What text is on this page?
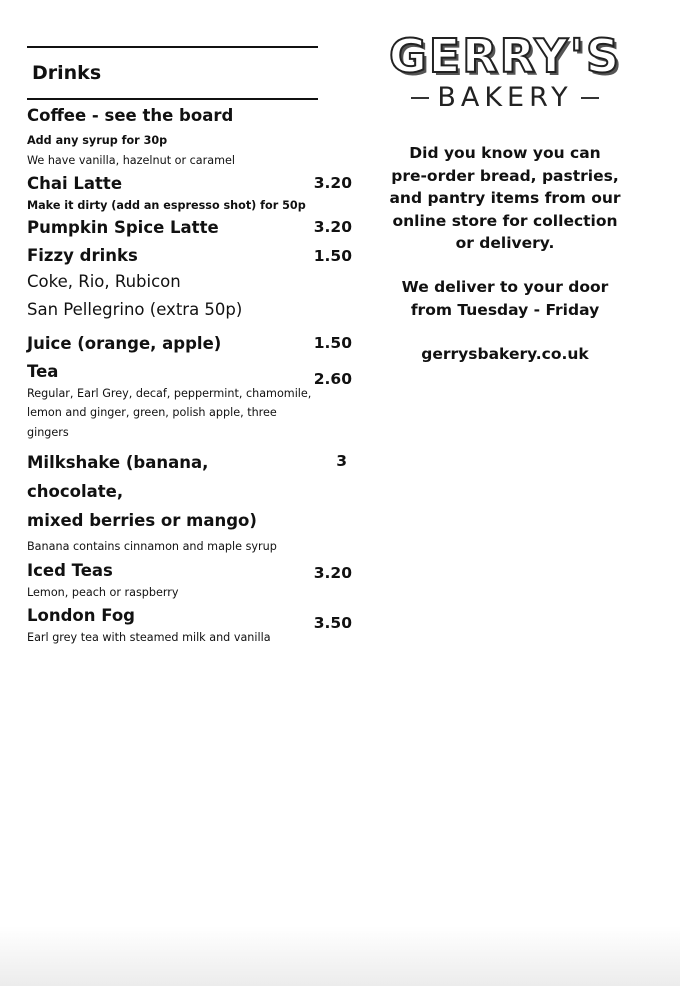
Drinks
Coffee - see the board
Add any syrup for 30p
We have vanilla, hazelnut or caramel
3.20
Chai Latte
Make it dirty (add an espresso shot) for 50p
3.20
Pumpkin Spice Latte
1.50
Fizzy drinks
Coke, Rio, Rubicon
San Pellegrino (extra 50p)
1.50
Juice (orange, apple)
2.60
Tea
Regular, Earl Grey, decaf, peppermint, chamomile,
lemon and ginger, green, polish apple, three
gingers
3
Milkshake (banana, chocolate,
mixed berries or mango)
Banana contains cinnamon and maple syrup
3.20
Iced Teas
Lemon, peach or raspberry
3.50
London Fog
Earl grey tea with steamed milk and vanilla
GERRY'S
BAKERY
Did you know you can
pre-order bread, pastries,
and pantry items from our
online store for collection
or delivery.
We deliver to your door
from Tuesday - Friday
gerrysbakery.co.uk
